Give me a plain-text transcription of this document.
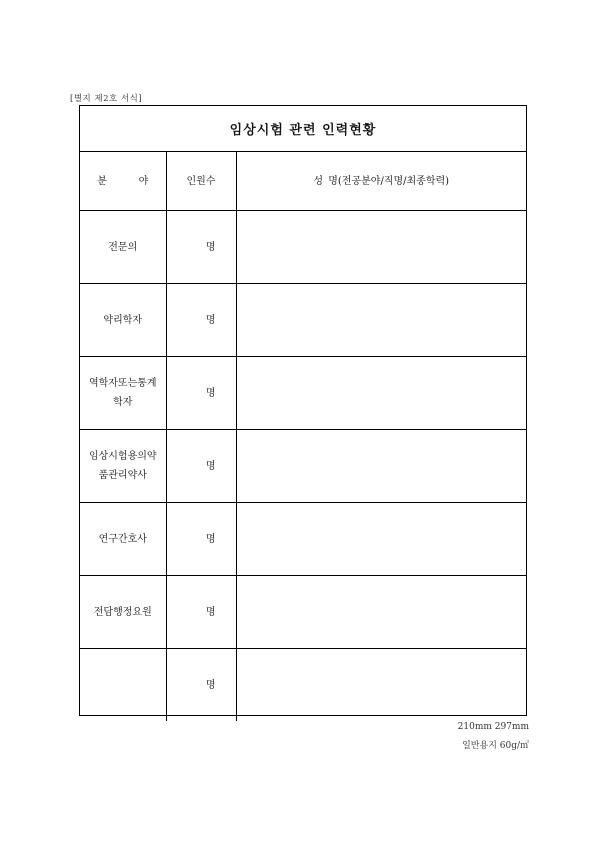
[별지 제2호 서식]
임상시험 관련 인력현황
분          야	인원수	성 명(전공분야/직명/최종학력)
전문의	명	
약리학자	명	
역학자또는통계
학자	명	
임상시험용의약
품관리약사	명	
연구간호사	명	
전담행정요원	명	
	명	
210mm 297mm
일반용지 60g/㎡
